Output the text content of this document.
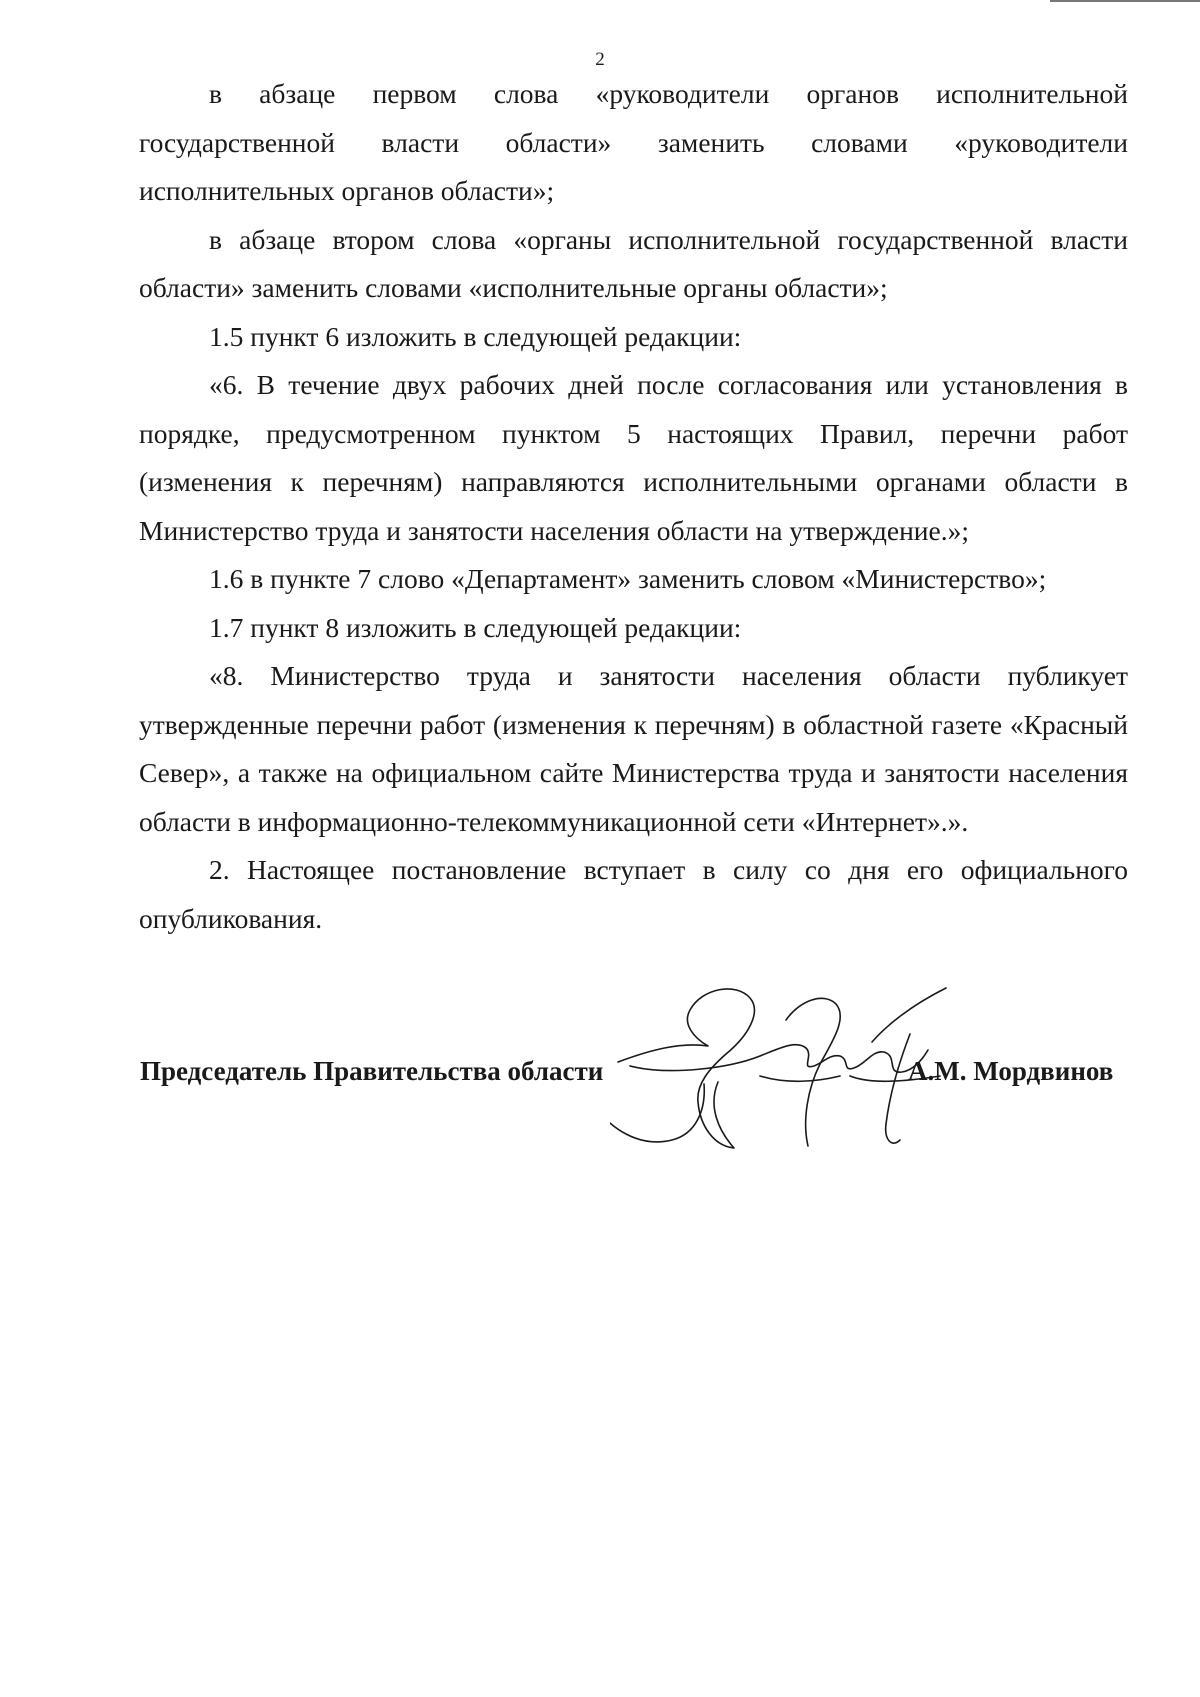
2

в абзаце первом слова «руководители органов исполнительной государственной власти области» заменить словами «руководители исполнительных органов области»;

в абзаце втором слова «органы исполнительной государственной власти области» заменить словами «исполнительные органы области»;

1.5 пункт 6 изложить в следующей редакции:

«6. В течение двух рабочих дней после согласования или установления в порядке, предусмотренном пунктом 5 настоящих Правил, перечни работ (изменения к перечням) направляются исполнительными органами области в Министерство труда и занятости населения области на утверждение.»;

1.6 в пункте 7 слово «Департамент» заменить словом «Министерство»;

1.7 пункт 8 изложить в следующей редакции:

«8. Министерство труда и занятости населения области публикует утвержденные перечни работ (изменения к перечням) в областной газете «Красный Север», а также на официальном сайте Министерства труда и занятости населения области в информационно-телекоммуникационной сети «Интернет».».

2. Настоящее постановление вступает в силу со дня его официального опубликования.

Председатель Правительства области	А.М. Мордвинов
